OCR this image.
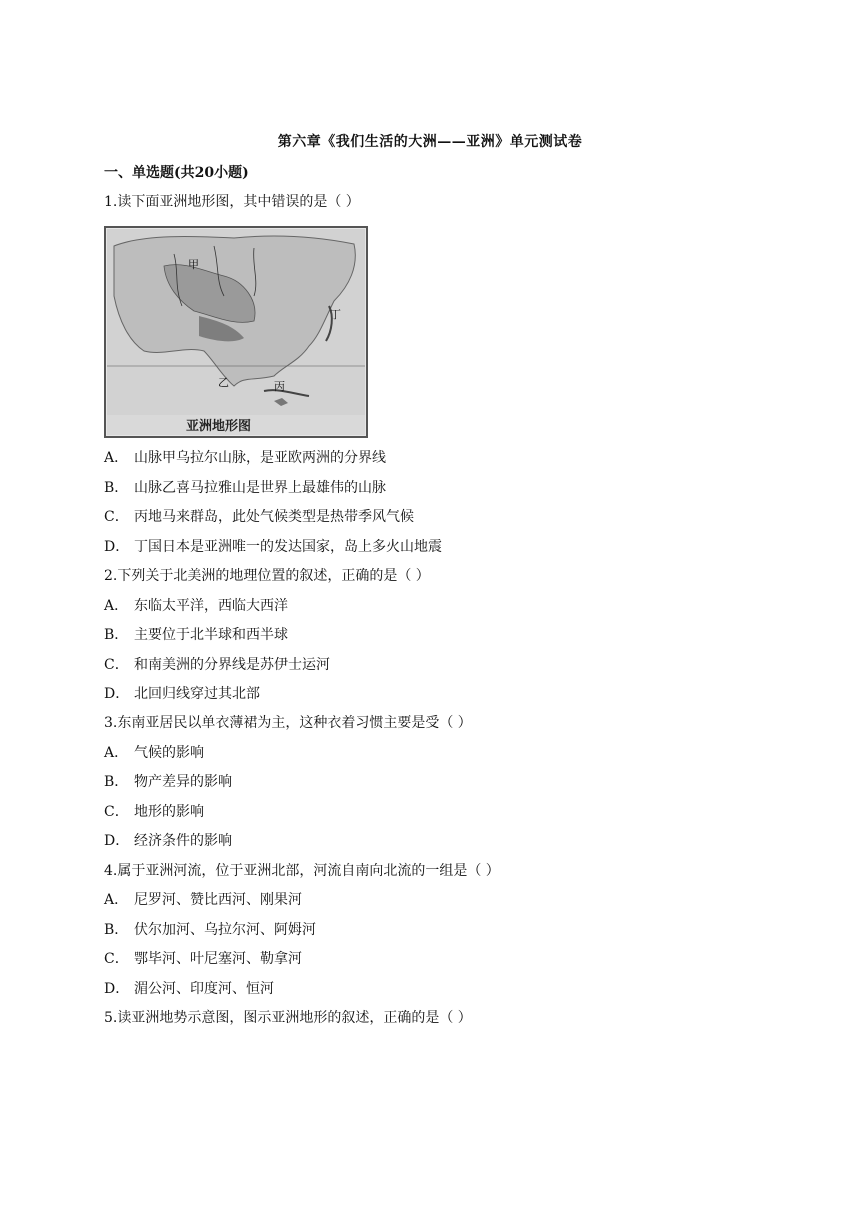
第六章《我们生活的大洲——亚洲》单元测试卷
一、单选题(共20小题)
1.读下面亚洲地形图，其中错误的是（ ）
甲
乙	丙
丁
亚洲地形图
A． 山脉甲乌拉尔山脉，是亚欧两洲的分界线
B． 山脉乙喜马拉雅山是世界上最雄伟的山脉
C． 丙地马来群岛，此处气候类型是热带季风气候
D． 丁国日本是亚洲唯一的发达国家，岛上多火山地震
2.下列关于北美洲的地理位置的叙述，正确的是（ ）
A． 东临太平洋，西临大西洋
B． 主要位于北半球和西半球
C． 和南美洲的分界线是苏伊士运河
D． 北回归线穿过其北部
3.东南亚居民以单衣薄裙为主，这种衣着习惯主要是受（ ）
A． 气候的影响
B． 物产差异的影响
C． 地形的影响
D． 经济条件的影响
4.属于亚洲河流，位于亚洲北部，河流自南向北流的一组是（ ）
A． 尼罗河、赞比西河、刚果河
B． 伏尔加河、乌拉尔河、阿姆河
C． 鄂毕河、叶尼塞河、勒拿河
D． 湄公河、印度河、恒河
5.读亚洲地势示意图，图示亚洲地形的叙述，正确的是（ ）
